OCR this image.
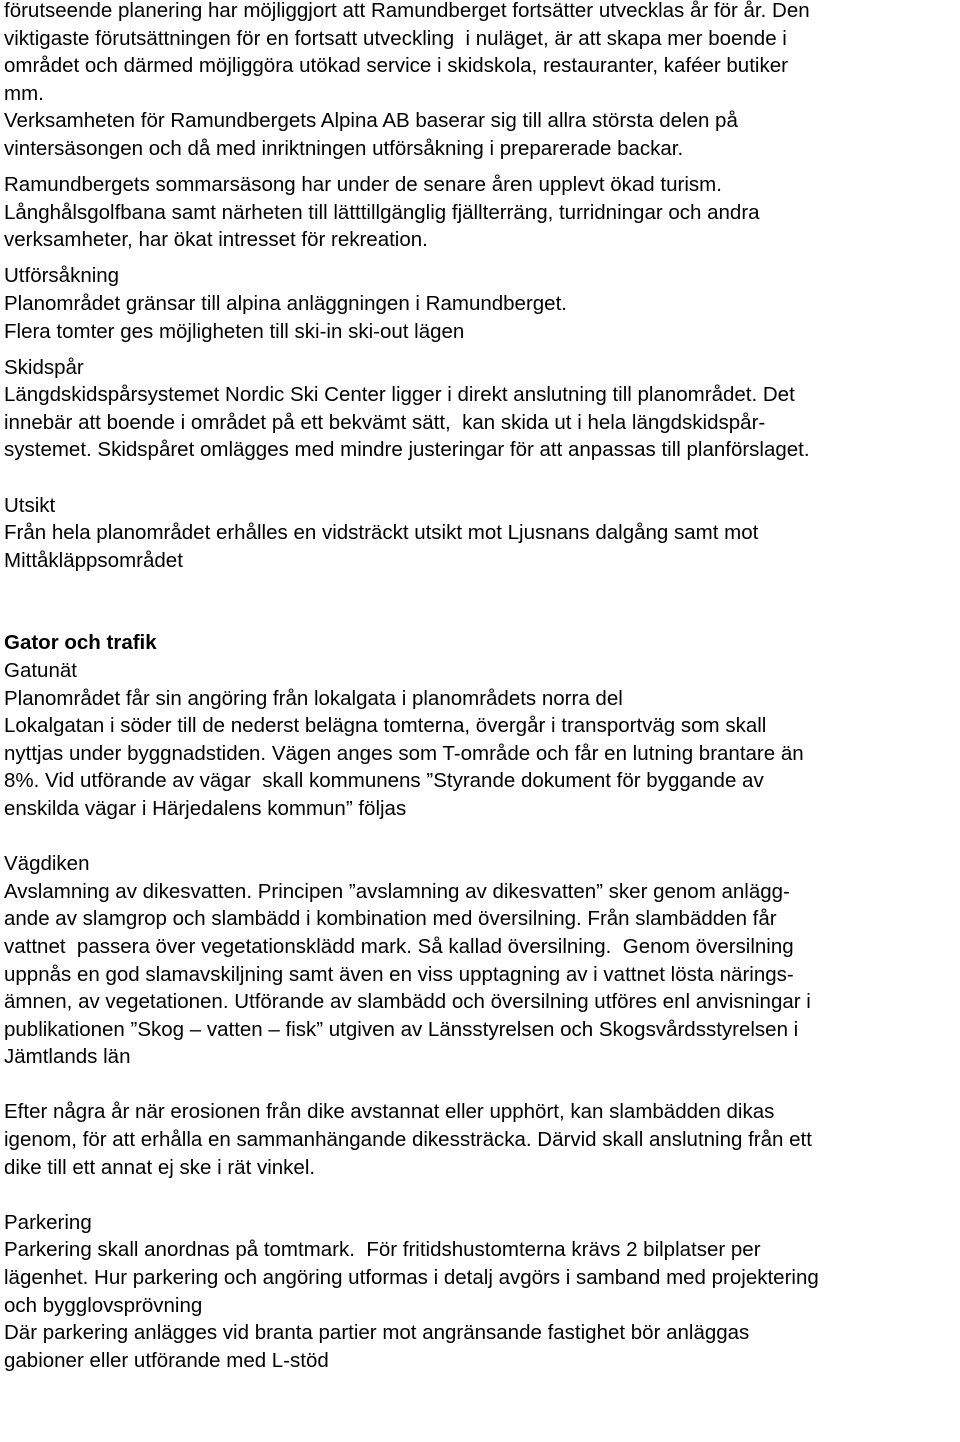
förutseende planering har möjliggjort att Ramundberget fortsätter utvecklas år för år. Den
viktigaste förutsättningen för en fortsatt utveckling  i nuläget, är att skapa mer boende i
området och därmed möjliggöra utökad service i skidskola, restauranter, kaféer butiker
mm.
Verksamheten för Ramundbergets Alpina AB baserar sig till allra största delen på
vintersäsongen och då med inriktningen utförsåkning i preparerade backar.
Ramundbergets sommarsäsong har under de senare åren upplevt ökad turism.
Långhålsgolfbana samt närheten till lätttillgänglig fjällterräng, turridningar och andra
verksamheter, har ökat intresset för rekreation.
Utförsåkning
Planområdet gränsar till alpina anläggningen i Ramundberget.
Flera tomter ges möjligheten till ski-in ski-out lägen
Skidspår
Längdskidspårsystemet Nordic Ski Center ligger i direkt anslutning till planområdet. Det
innebär att boende i området på ett bekvämt sätt,  kan skida ut i hela längdskidspår-
systemet. Skidspåret omlägges med mindre justeringar för att anpassas till planförslaget.
Utsikt
Från hela planområdet erhålles en vidsträckt utsikt mot Ljusnans dalgång samt mot
Mittåkläppsområdet
Gator och trafik
Gatunät
Planområdet får sin angöring från lokalgata i planområdets norra del
Lokalgatan i söder till de nederst belägna tomterna, övergår i transportväg som skall
nyttjas under byggnadstiden. Vägen anges som T-område och får en lutning brantare än
8%. Vid utförande av vägar  skall kommunens ”Styrande dokument för byggande av
enskilda vägar i Härjedalens kommun” följas
Vägdiken
Avslamning av dikesvatten. Principen ”avslamning av dikesvatten” sker genom anlägg-
ande av slamgrop och slambädd i kombination med översilning. Från slambädden får
vattnet  passera över vegetationsklädd mark. Så kallad översilning.  Genom översilning
uppnås en god slamavskiljning samt även en viss upptagning av i vattnet lösta närings-
ämnen, av vegetationen. Utförande av slambädd och översilning utföres enl anvisningar i
publikationen ”Skog – vatten – fisk” utgiven av Länsstyrelsen och Skogsvårdsstyrelsen i
Jämtlands län
Efter några år när erosionen från dike avstannat eller upphört, kan slambädden dikas
igenom, för att erhålla en sammanhängande dikessträcka. Därvid skall anslutning från ett
dike till ett annat ej ske i rät vinkel.
Parkering
Parkering skall anordnas på tomtmark.  För fritidshustomterna krävs 2 bilplatser per
lägenhet. Hur parkering och angöring utformas i detalj avgörs i samband med projektering
och bygglovsprövning
Där parkering anlägges vid branta partier mot angränsande fastighet bör anläggas
gabioner eller utförande med L-stöd
